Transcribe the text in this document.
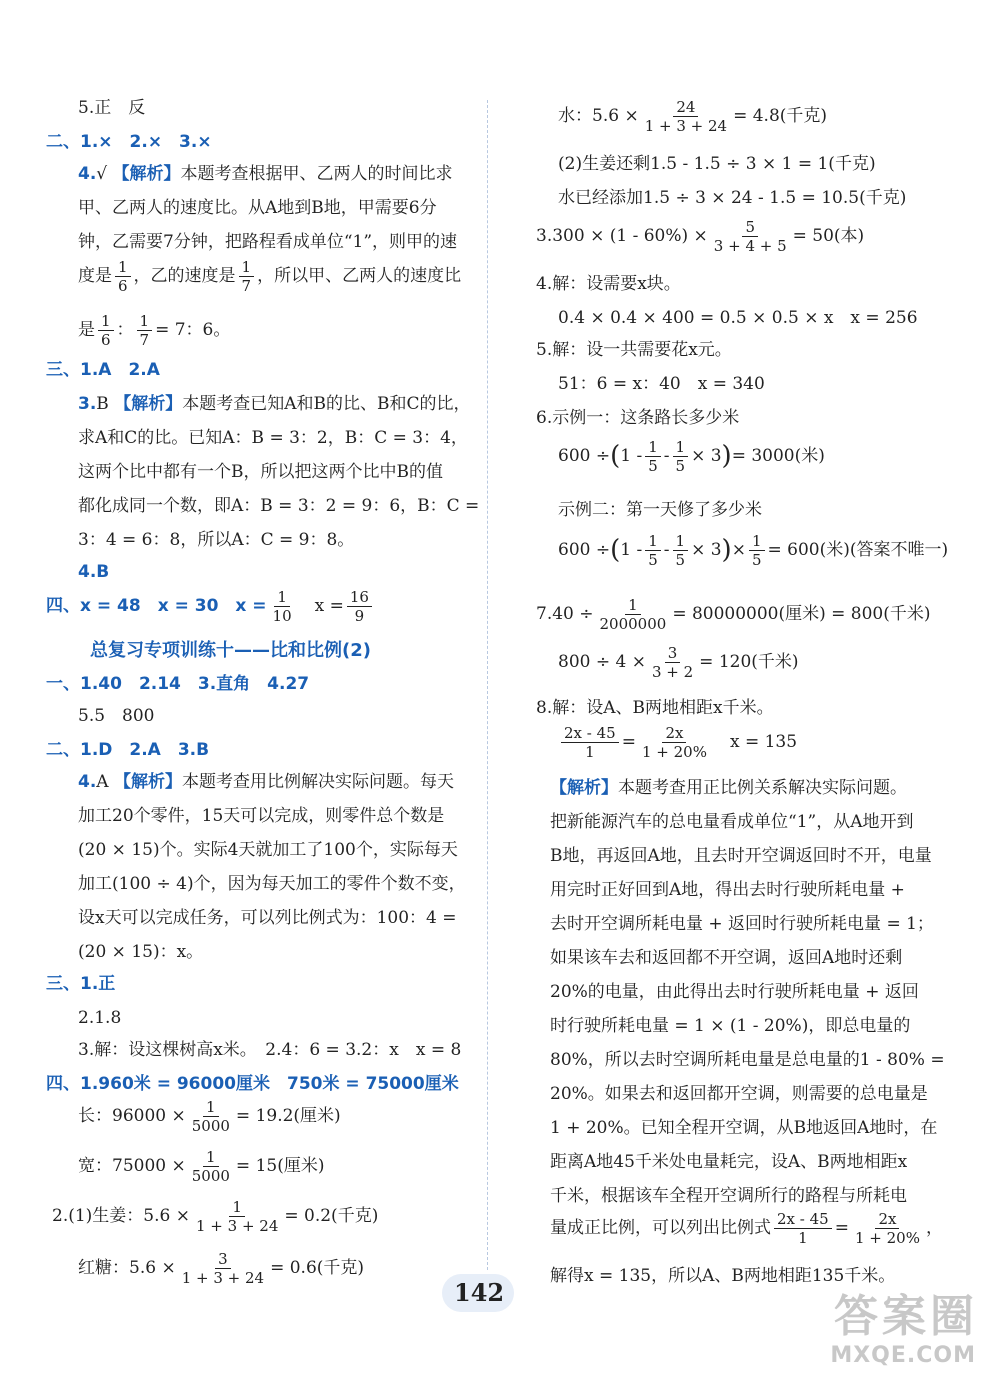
5.正　反
二、1.×　2.×　3.×
4.√ 【解析】本题考查根据甲、乙两人的时间比求
甲、乙两人的速度比。从A地到B地，甲需要6分
钟，乙需要7分钟，把路程看成单位“1”，则甲的速
度是 $\frac{1}{6}$ ，乙的速度是 $\frac{1}{7}$ ，所以甲、乙两人的速度比
是 $\frac{1}{6}$ ： $\frac{1}{7} = 7$：6。
三、1.A　2.A
3.B 【解析】本题考查已知A和B的比、B和C的比，
求A和C的比。已知A：B = 3：2，B：C = 3：4，
这两个比中都有一个B，所以把这两个比中B的值
都化成同一个数，即A：B = 3：2 = 9：6，B：C =
3：4 = 6：8，所以A：C = 9：8。
4.B
四、x = 48　x = 30　$x = \frac{1}{10}$ 　$x = \frac{16}{9}$
总复习专项训练十——比和比例(2)
一、1.40　2.14　3.直角　4.27
5.5　800
二、1.D　2.A　3.B
4.A 【解析】本题考查用比例解决实际问题。每天
加工20个零件，15天可以完成，则零件总个数是
(20 × 15)个。实际4天就加工了100个，实际每天
加工(100 ÷ 4)个，因为每天加工的零件个数不变，
设x天可以完成任务，可以列比例式为：100：4 =
(20 × 15)：x。
三、1.正
2.1.8
3.解：设这棵树高x米。　2.4：6 = 3.2：x　x = 8
四、1.960米 = 96000厘米　750米 = 75000厘米
长：$96000 \times \frac{1}{5000} = 19.2$(厘米)
宽：$75000 \times \frac{1}{5000} = 15$(厘米)
2.(1)生姜：$5.6 \times \frac{1}{1 + 3 + 24} = 0.2$(千克)
红糖：$5.6 \times \frac{3}{1 + 3 + 24} = 0.6$(千克)
水：$5.6 \times \frac{24}{1 + 3 + 24} = 4.8$(千克)
(2)生姜还剩1.5 - 1.5 ÷ 3 × 1 = 1(千克)
水已经添加1.5 ÷ 3 × 24 - 1.5 = 10.5(千克)
$3.300 \times (1 - 60\%) \times \frac{5}{3 + 4 + 5} = 50$(本)
4.解：设需要x块。
0.4 × 0.4 × 400 = 0.5 × 0.5 × x　x = 256
5.解：设一共需要花x元。
51：6 = x：40　x = 340
6.示例一：这条路长多少米
$600 \div(1 - \frac{1}{5} - \frac{1}{5} \times 3)= 3000$(米)
示例二：第一天修了多少米
$600 \div(1 - \frac{1}{5} - \frac{1}{5} \times 3)\times \frac{1}{5} = 600$(米)(答案不唯一)
$7.40 \div \frac{1}{2000000} = 80000000$(厘米) = 800(千米)
$800 \div 4 \times \frac{3}{3 + 2} = 120$(千米)
8.解：设A、B两地相距x千米。
$\frac{2x - 45}{1} = \frac{2x}{1 + 20\%}$
　 x = 135
【解析】本题考查用正比例关系解决实际问题。
把新能源汽车的总电量看成单位“1”，从A地开到
B地，再返回A地，且去时开空调返回时不开，电量
用完时正好回到A地，得出去时行驶所耗电量 +
去时开空调所耗电量 + 返回时行驶所耗电量 = 1；
如果该车去和返回都不开空调，返回A地时还剩
20%的电量，由此得出去时行驶所耗电量 + 返回
时行驶所耗电量 = 1 × (1 - 20%)，即总电量的
80%，所以去时空调所耗电量是总电量的1 - 80% =
20%。如果去和返回都开空调，则需要的总电量是
1 + 20%。已知全程开空调，从B地返回A地时，在
距离A地45千米处电量耗完，设A、B两地相距x
千米，根据该车全程开空调所行的路程与所耗电
量成正比例，可以列出比例式 $\frac{2x - 45}{1} = \frac{2x}{1 + 20\%}$ ，
解得x = 135，所以A、B两地相距135千米。
142	答案圈
MXQE.COM
